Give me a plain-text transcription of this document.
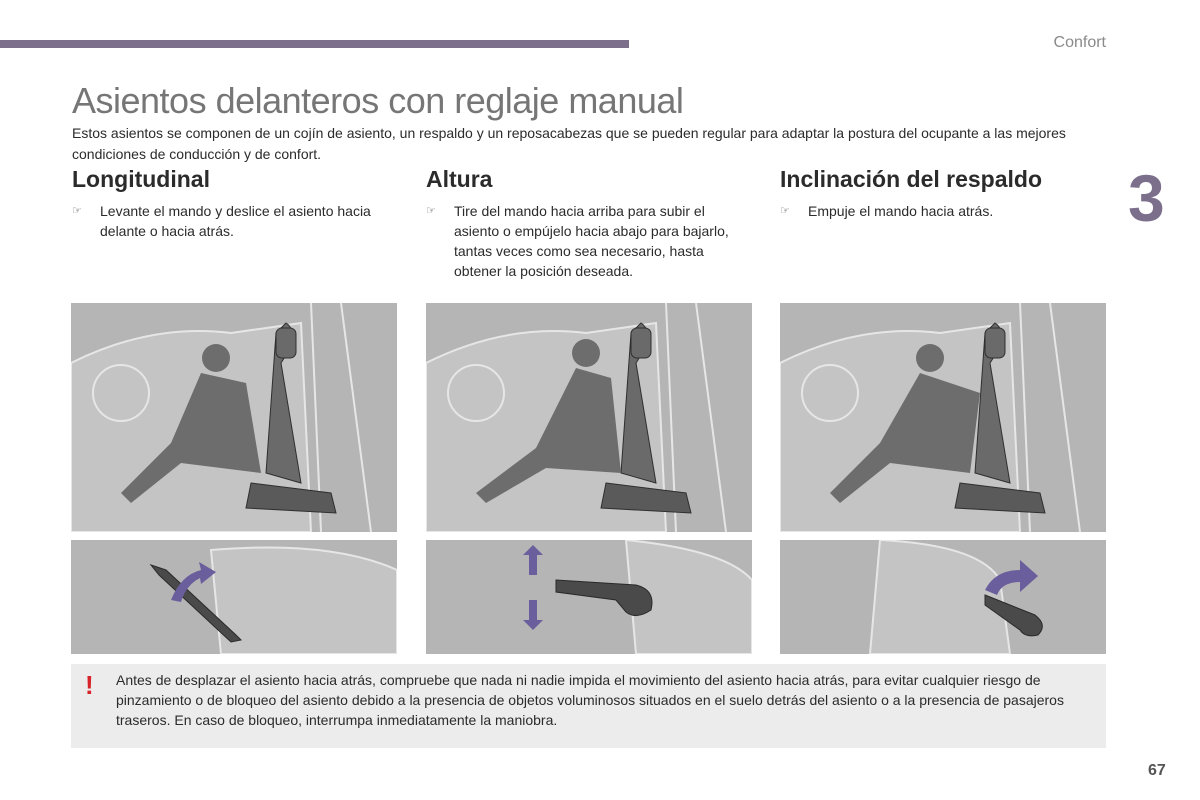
Confort
Asientos delanteros con reglaje manual
Estos asientos se componen de un cojín de asiento, un respaldo y un reposacabezas que se pueden regular para adaptar la postura del ocupante a las mejores condiciones de conducción y de confort.
3
Longitudinal
☞ Levante el mando y deslice el asiento hacia delante o hacia atrás.
Altura
☞ Tire del mando hacia arriba para subir el asiento o empújelo hacia abajo para bajarlo, tantas veces como sea necesario, hasta obtener la posición deseada.
Inclinación del respaldo
☞ Empuje el mando hacia atrás.
! Antes de desplazar el asiento hacia atrás, compruebe que nada ni nadie impida el movimiento del asiento hacia atrás, para evitar cualquier riesgo de pinzamiento o de bloqueo del asiento debido a la presencia de objetos voluminosos situados en el suelo detrás del asiento o a la presencia de pasajeros traseros. En caso de bloqueo, interrumpa inmediatamente la maniobra.
67
